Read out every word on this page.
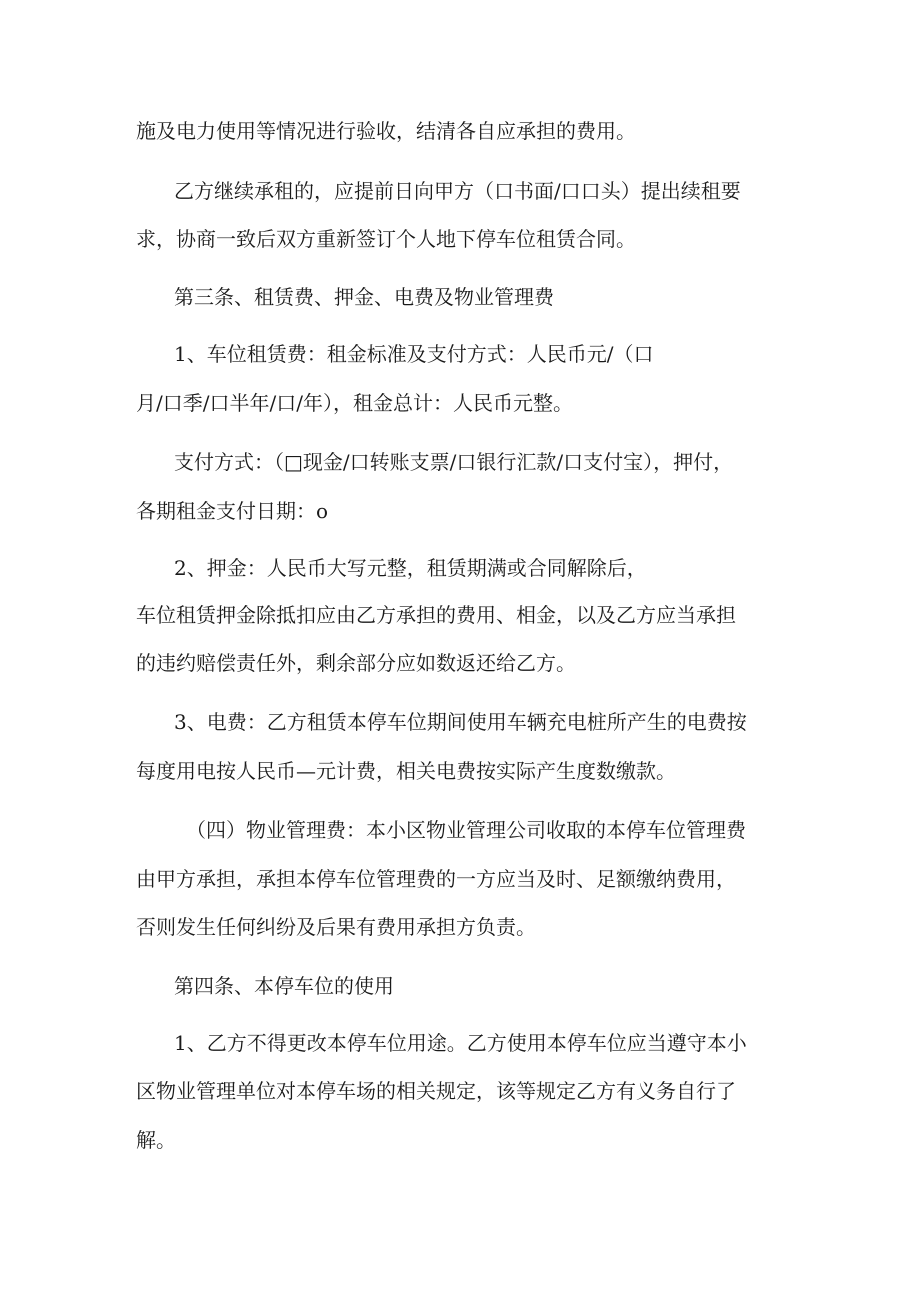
施及电力使用等情况进行验收，结清各自应承担的费用。
乙方继续承租的，应提前日向甲方（口书面/口口头）提出续租要
求，协商一致后双方重新签订个人地下停车位租赁合同。
第三条、租赁费、押金、电费及物业管理费
1、车位租赁费：租金标准及支付方式：人民币元/（口
月/口季/口半年/口/年），租金总计：人民币元整。
支付方式：（□现金/口转账支票/口银行汇款/口支付宝），押付，
各期租金支付日期：o
2、押金：人民币大写元整，租赁期满或合同解除后，
车位租赁押金除抵扣应由乙方承担的费用、相金，以及乙方应当承担
的违约赔偿责任外，剩余部分应如数返还给乙方。
3、电费：乙方租赁本停车位期间使用车辆充电桩所产生的电费按
每度用电按人民币—元计费，相关电费按实际产生度数缴款。
（四）物业管理费：本小区物业管理公司收取的本停车位管理费
由甲方承担，承担本停车位管理费的一方应当及时、足额缴纳费用，
否则发生任何纠纷及后果有费用承担方负责。
第四条、本停车位的使用
1、乙方不得更改本停车位用途。乙方使用本停车位应当遵守本小
区物业管理单位对本停车场的相关规定，该等规定乙方有义务自行了
解。
